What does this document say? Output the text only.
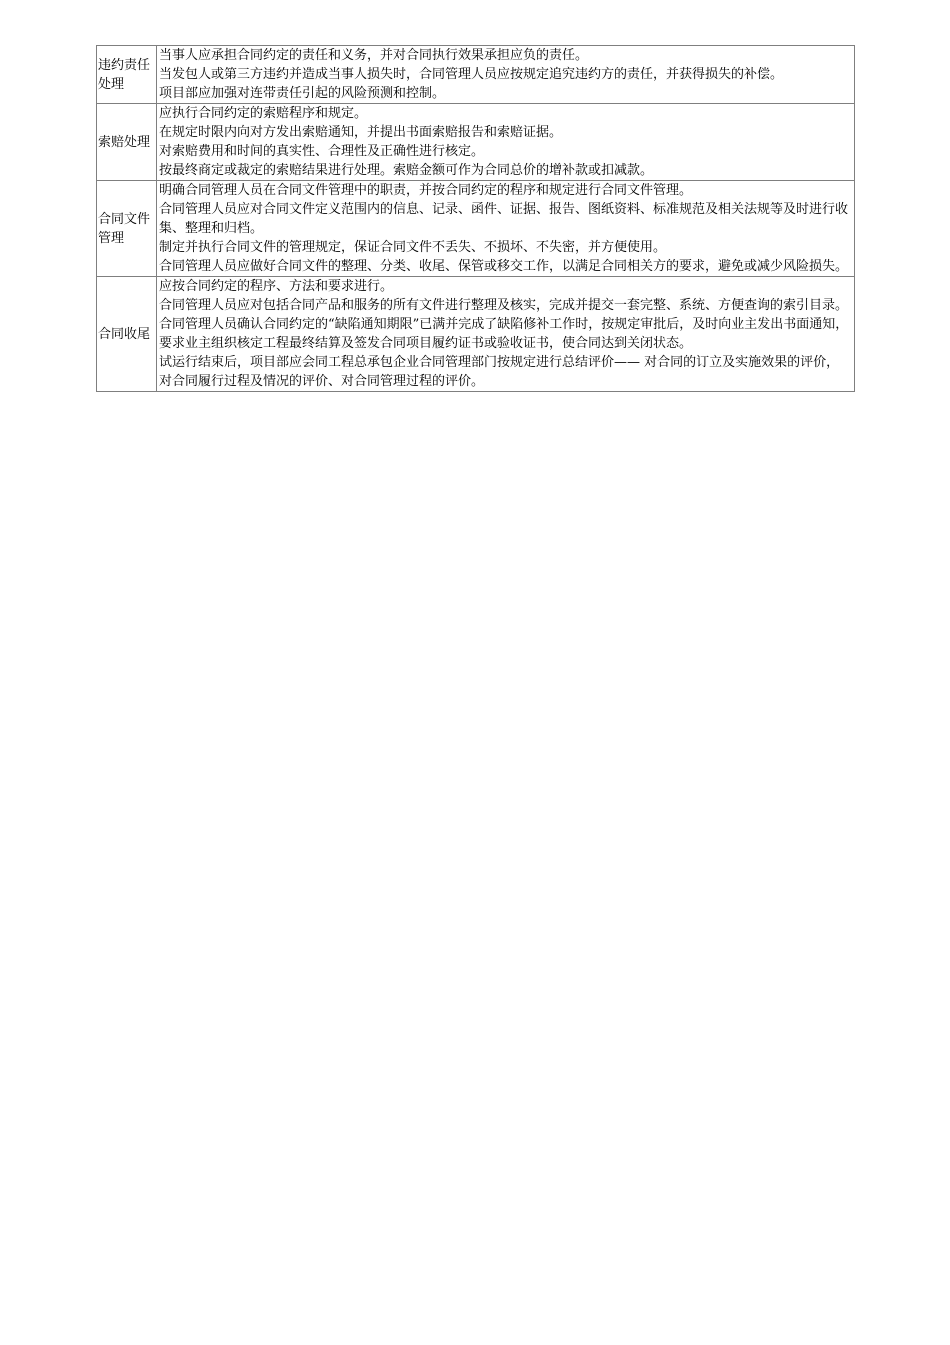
违约责任处理	当事人应承担合同约定的责任和义务，并对合同执行效果承担应负的责任。
当发包人或第三方违约并造成当事人损失时，合同管理人员应按规定追究违约方的责任，并获得损失的补偿。
项目部应加强对连带责任引起的风险预测和控制。

索赔处理	应执行合同约定的索赔程序和规定。
在规定时限内向对方发出索赔通知，并提出书面索赔报告和索赔证据。
对索赔费用和时间的真实性、合理性及正确性进行核定。
按最终商定或裁定的索赔结果进行处理。索赔金额可作为合同总价的增补款或扣减款。

合同文件管理	明确合同管理人员在合同文件管理中的职责，并按合同约定的程序和规定进行合同文件管理。
合同管理人员应对合同文件定义范围内的信息、记录、函件、证据、报告、图纸资料、标准规范及相关法规等及时进行收集、整理和归档。
制定并执行合同文件的管理规定，保证合同文件不丢失、不损坏、不失密，并方便使用。
合同管理人员应做好合同文件的整理、分类、收尾、保管或移交工作，以满足合同相关方的要求，避免或减少风险损失。

合同收尾	应按合同约定的程序、方法和要求进行。
合同管理人员应对包括合同产品和服务的所有文件进行整理及核实，完成并提交一套完整、系统、方便查询的索引目录。
合同管理人员确认合同约定的“缺陷通知期限”已满并完成了缺陷修补工作时，按规定审批后，及时向业主发出书面通知，要求业主组织核定工程最终结算及签发合同项目履约证书或验收证书，使合同达到关闭状态。
试运行结束后，项目部应会同工程总承包企业合同管理部门按规定进行总结评价—— 对合同的订立及实施效果的评价，对合同履行过程及情况的评价、对合同管理过程的评价。
